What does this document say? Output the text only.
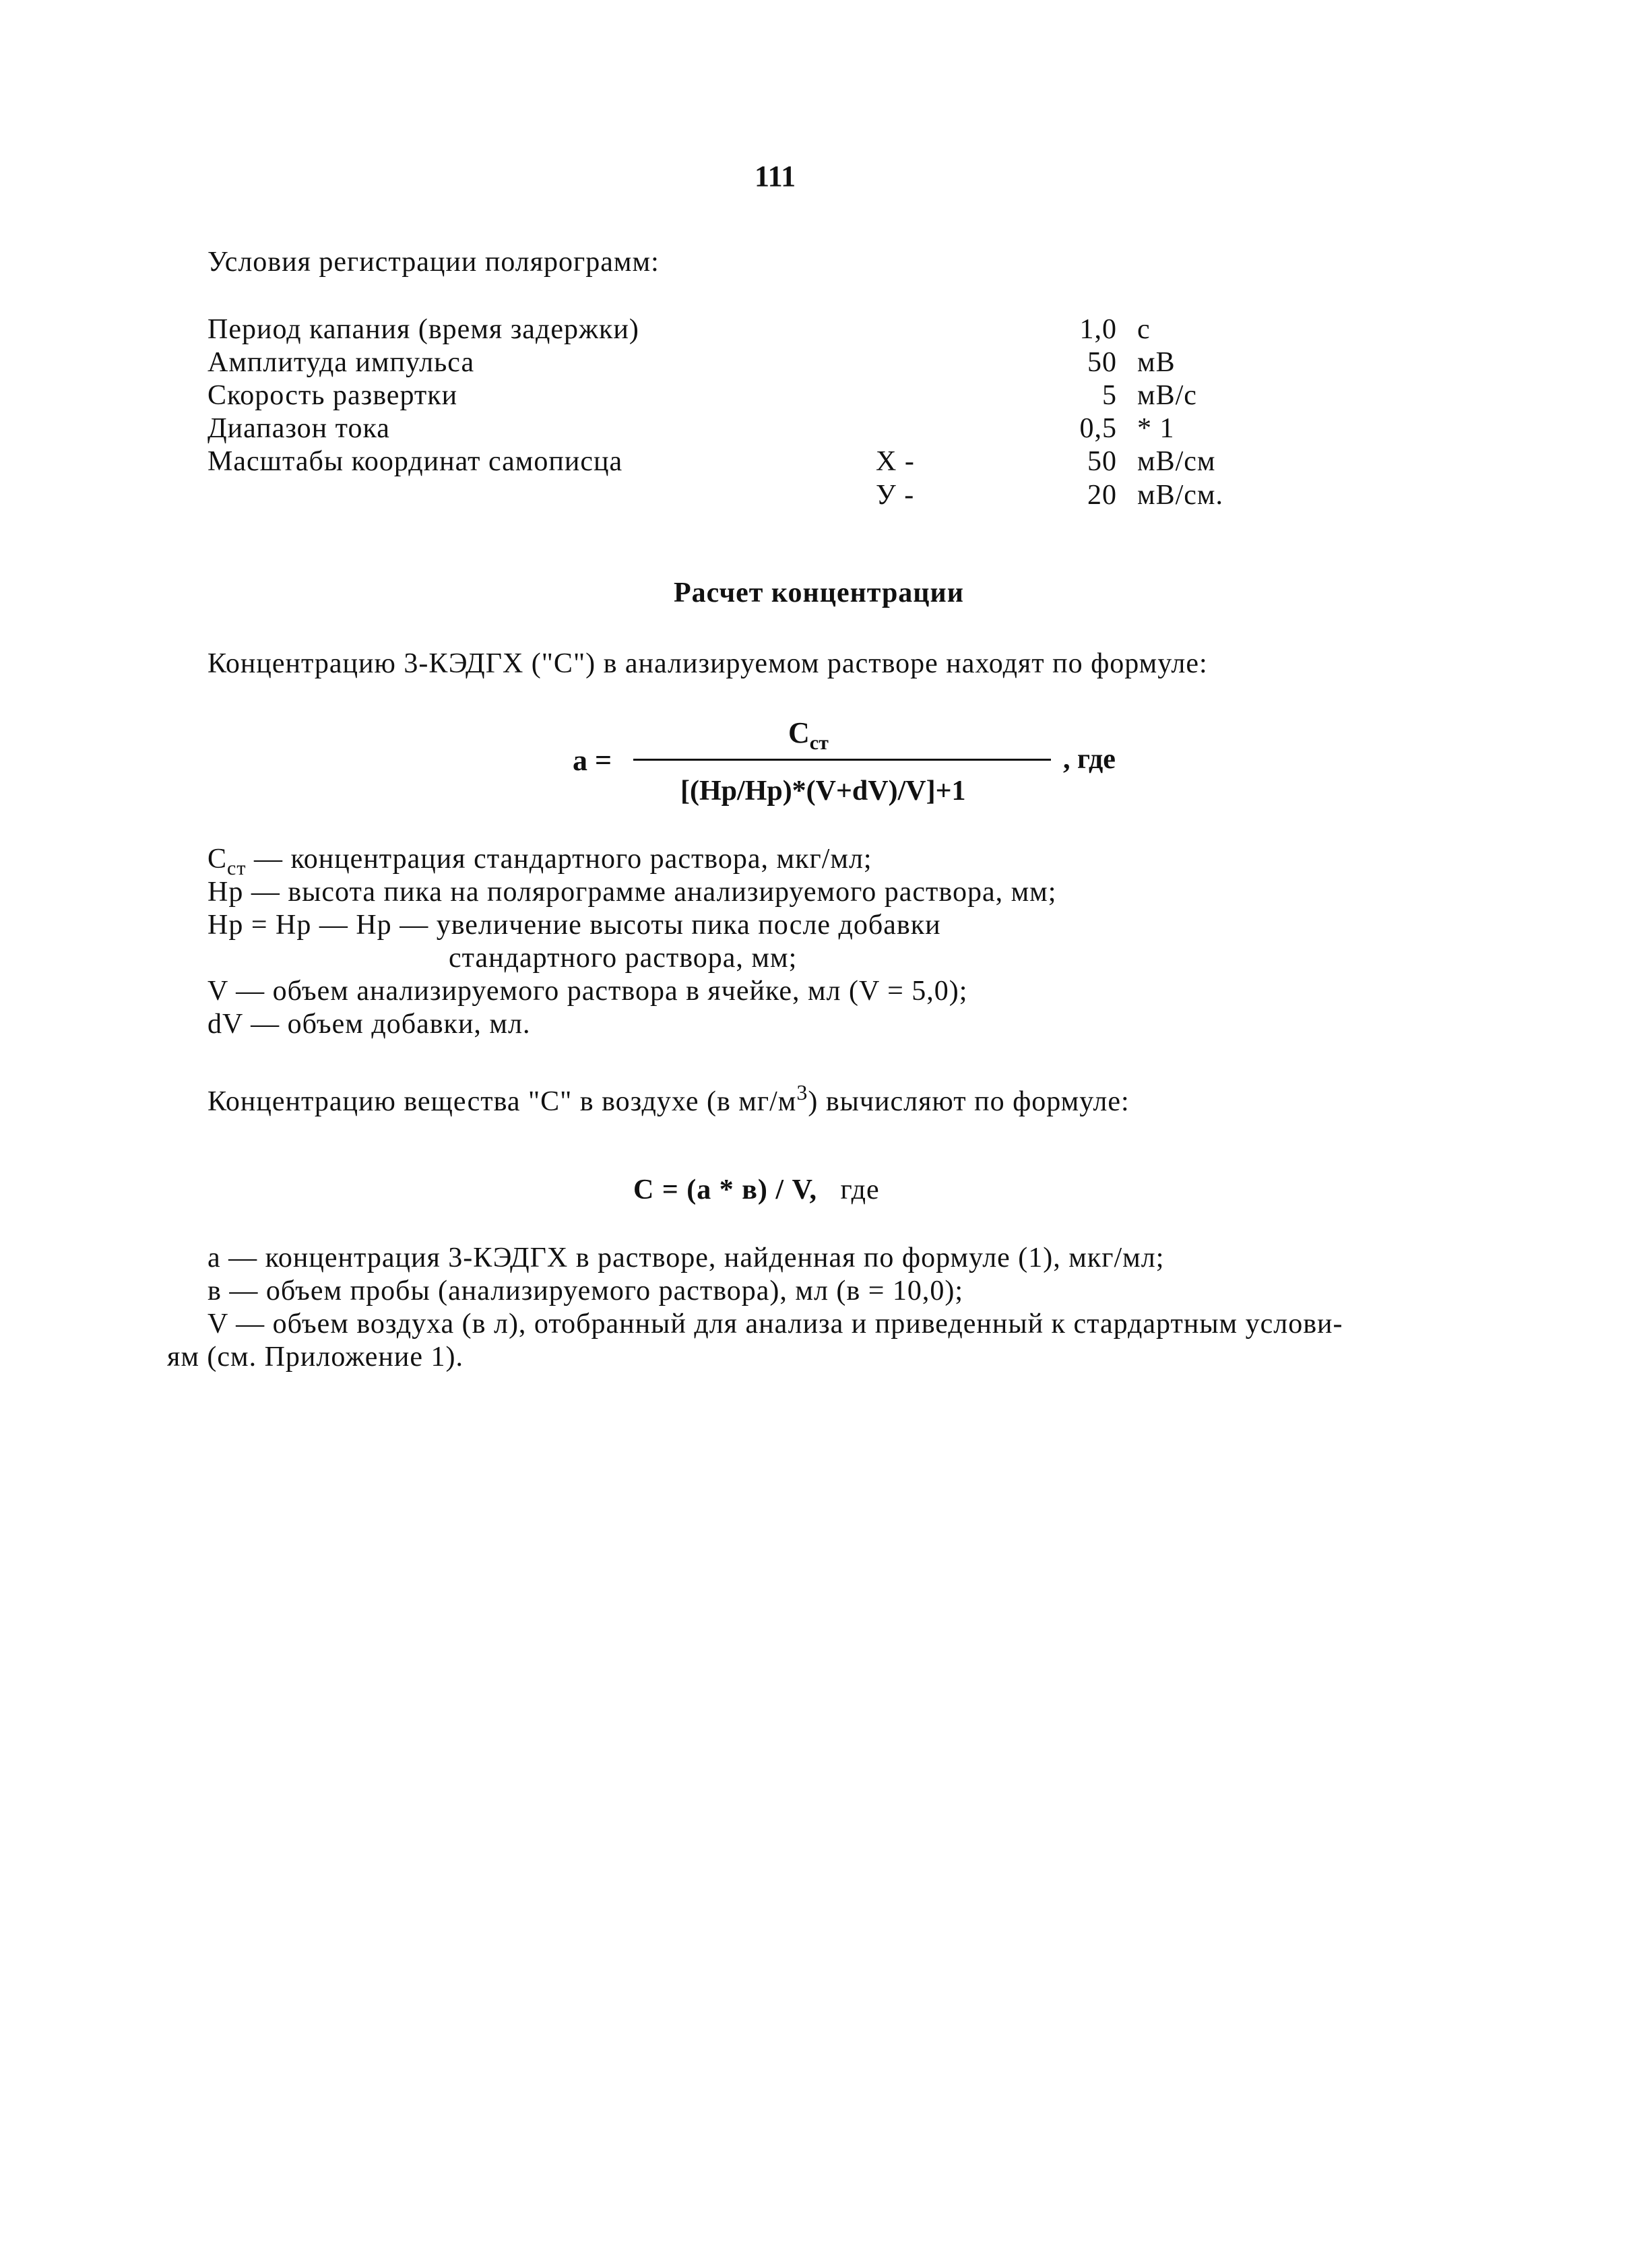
111
Условия регистрации полярограмм:
Период капания (время задержки)	1,0 с
Амплитуда импульса	50 мВ
Скорость развертки	5 мВ/с
Диапазон тока	0,5 * 1
Масштабы координат самописца	Х -	50 мВ/см
У -	20 мВ/см.
Расчет концентрации
Концентрацию 3-КЭДГХ ("С") в анализируемом растворе находят по формуле:
а =
$С_{ст}$
[(Нр/Нр)*(V+dV)/V]+1
, где
$С_{ст}$ — концентрация стандартного раствора, мкг/мл;
Нр — высота пика на полярограмме анализируемого раствора, мм;
Нр = Нр — Нр — увеличение высоты пика после добавки
стандартного раствора, мм;
V — объем анализируемого раствора в ячейке, мл (V = 5,0);
dV — объем добавки, мл.
Концентрацию вещества "С" в воздухе (в $мг/м^3$) вычисляют по формуле:
С = (а * в) / V, где
а — концентрация 3-КЭДГХ в растворе, найденная по формуле (1), мкг/мл;
в — объем пробы (анализируемого раствора), мл (в = 10,0);
V — объем воздуха (в л), отобранный для анализа и приведенный к стардартным услови-
ям (см. Приложение 1).
